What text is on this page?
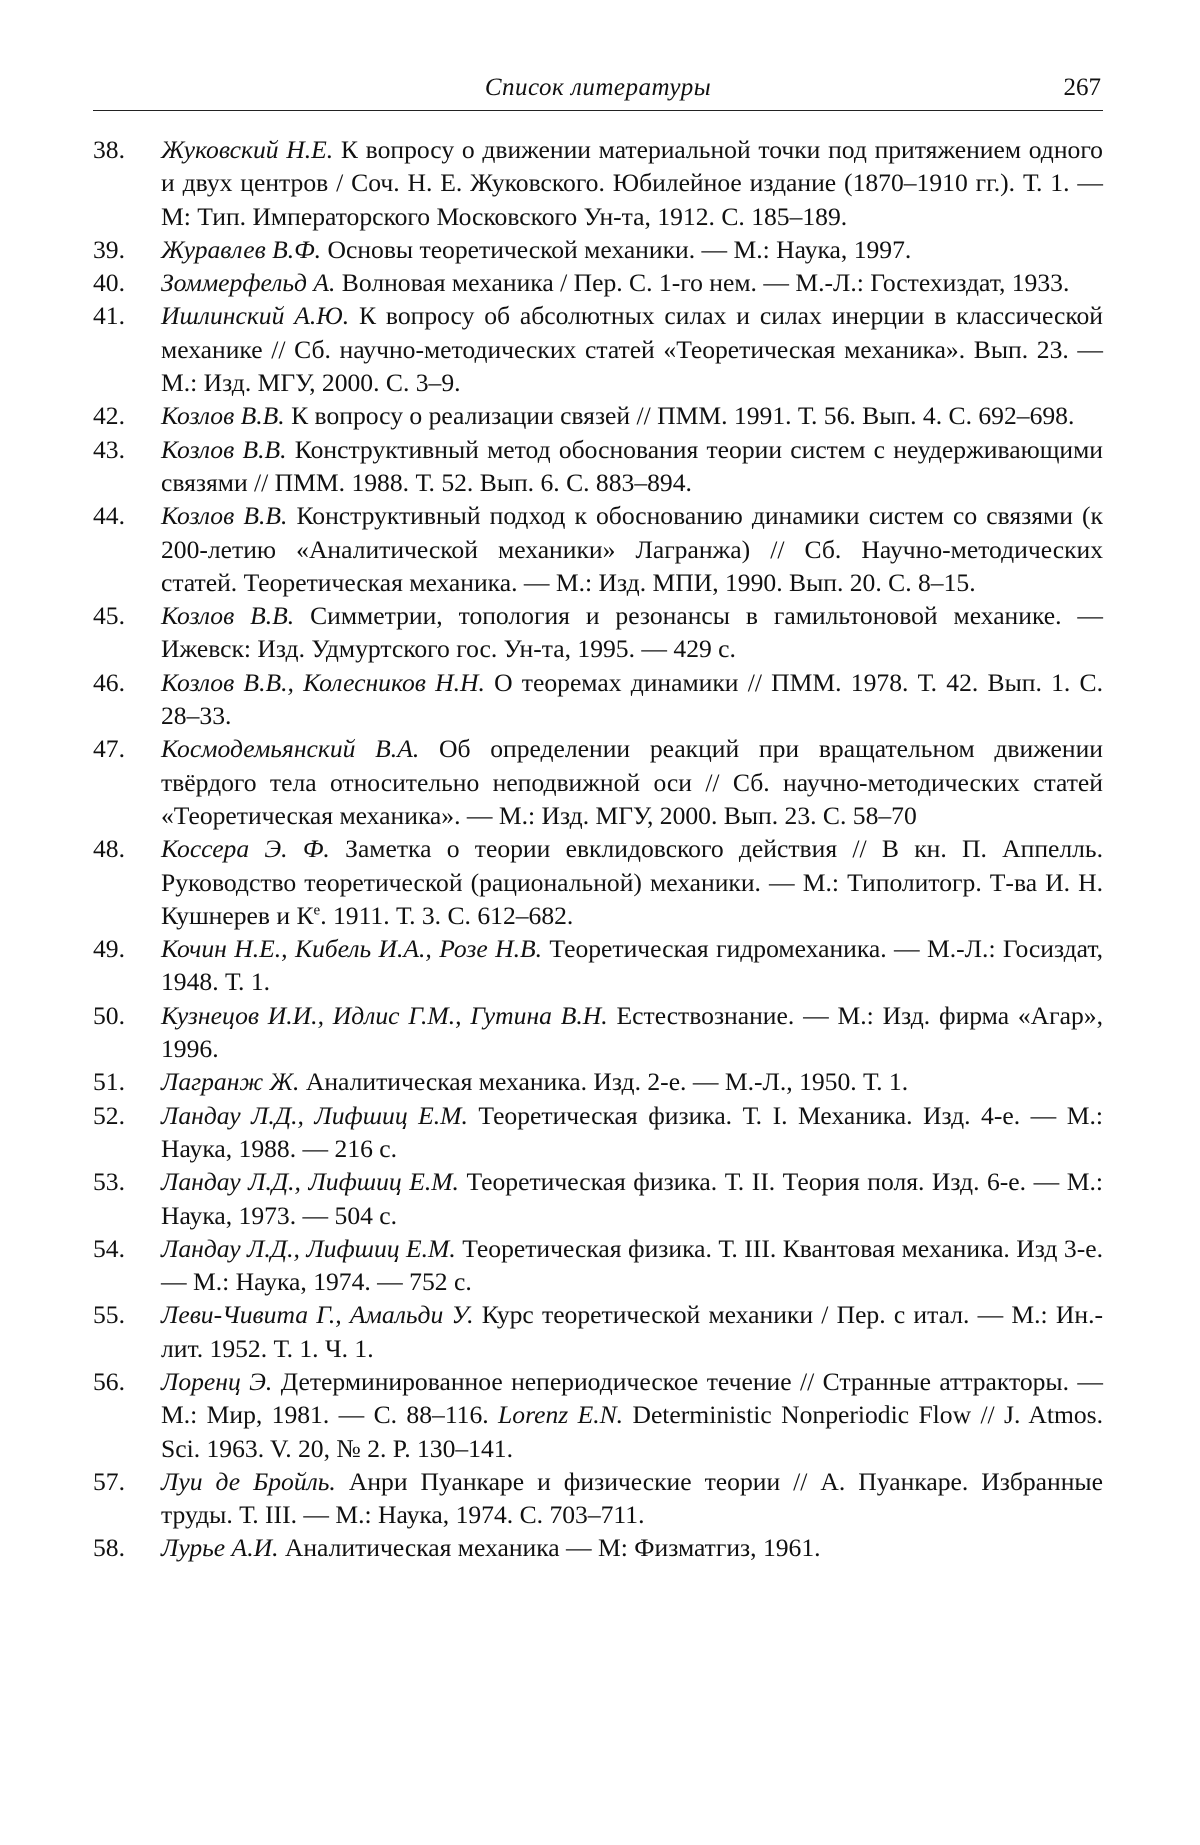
Список литературы	267
38.	Жуковский Н.Е. К вопросу о движении материальной точки под притяжением одного и двух центров / Соч. Н. Е. Жуковского. Юбилейное издание (1870–1910 гг.). Т. 1. — М: Тип. Императорского Московского Ун-та, 1912. С. 185–189.
39.	Журавлев В.Ф. Основы теоретической механики. — М.: Наука, 1997.
40.	Зоммерфельд А. Волновая механика / Пер. С. 1-го нем. — М.-Л.: Гостехиздат, 1933.
41.	Ишлинский А.Ю. К вопросу об абсолютных силах и силах инерции в классической механике // Сб. научно-методических статей «Теоретическая механика». Вып. 23. — М.: Изд. МГУ, 2000. С. 3–9.
42.	Козлов В.В. К вопросу о реализации связей // ПММ. 1991. Т. 56. Вып. 4. С. 692–698.
43.	Козлов В.В. Конструктивный метод обоснования теории систем с неудерживающими связями // ПММ. 1988. Т. 52. Вып. 6. С. 883–894.
44.	Козлов В.В. Конструктивный подход к обоснованию динамики систем со связями (к 200-летию «Аналитической механики» Лагранжа) // Сб. Научно-методических статей. Теоретическая механика. — М.: Изд. МПИ, 1990. Вып. 20. С. 8–15.
45.	Козлов В.В. Симметрии, топология и резонансы в гамильтоновой механике. — Ижевск: Изд. Удмуртского гос. Ун-та, 1995. — 429 с.
46.	Козлов В.В., Колесников Н.Н. О теоремах динамики // ПММ. 1978. Т. 42. Вып. 1. С. 28–33.
47.	Космодемьянский В.А. Об определении реакций при вращательном движении твёрдого тела относительно неподвижной оси // Сб. научно-методических статей «Теоретическая механика». — М.: Изд. МГУ, 2000. Вып. 23. С. 58–70
48.	Коссера Э. Ф. Заметка о теории евклидовского действия // В кн. П. Аппелль. Руководство теоретической (рациональной) механики. — М.: Типолитогр. Т-ва И. Н. Кушнерев и $К^е$. 1911. Т. 3. С. 612–682.
49.	Кочин Н.Е., Кибель И.А., Розе Н.В. Теоретическая гидромеханика. — М.-Л.: Госиздат, 1948. Т. 1.
50.	Кузнецов И.И., Идлис Г.М., Гутина В.Н. Естествознание. — М.: Изд. фирма «Агар», 1996.
51.	Лагранж Ж. Аналитическая механика. Изд. 2-е. — М.-Л., 1950. Т. 1.
52.	Ландау Л.Д., Лифшиц Е.М. Теоретическая физика. Т. I. Механика. Изд. 4-е. — М.: Наука, 1988. — 216 с.
53.	Ландау Л.Д., Лифшиц Е.М. Теоретическая физика. Т. II. Теория поля. Изд. 6-е. — М.: Наука, 1973. — 504 с.
54.	Ландау Л.Д., Лифшиц Е.М. Теоретическая физика. Т. III. Квантовая механика. Изд 3-е. — М.: Наука, 1974. — 752 с.
55.	Леви-Чивита Г., Амальди У. Курс теоретической механики / Пер. с итал. — М.: Ин.-лит. 1952. Т. 1. Ч. 1.
56.	Лоренц Э. Детерминированное непериодическое течение // Странные аттракторы. — М.: Мир, 1981. — С. 88–116. Lorenz E.N. Deterministic Nonperiodic Flow // J. Atmos. Sci. 1963. V. 20, № 2. P. 130–141.
57.	Луи де Бройль. Анри Пуанкаре и физические теории // А. Пуанкаре. Избранные труды. Т. III. — М.: Наука, 1974. С. 703–711.
58.	Лурье А.И. Аналитическая механика — М: Физматгиз, 1961.
